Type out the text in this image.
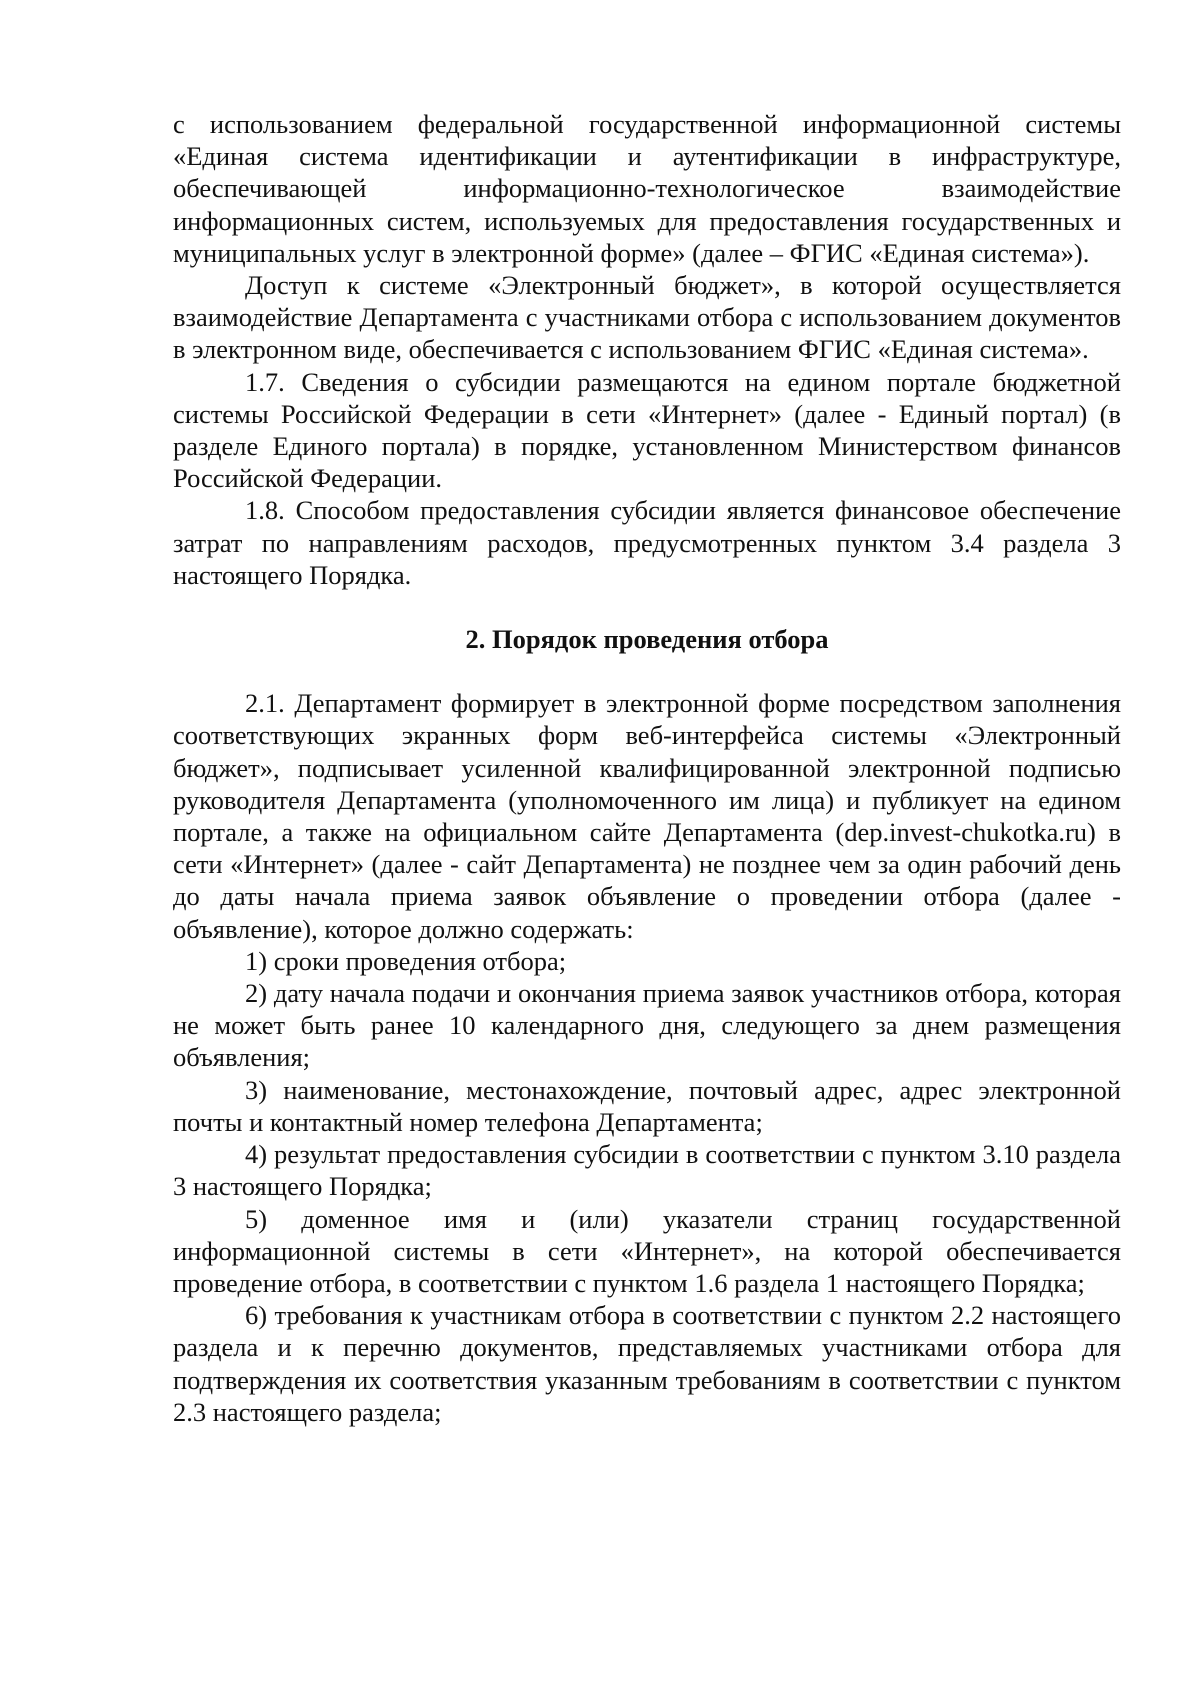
с использованием федеральной государственной информационной системы «Единая система идентификации и аутентификации в инфраструктуре, обеспечивающей информационно-технологическое взаимодействие информационных систем, используемых для предоставления государственных и муниципальных услуг в электронной форме» (далее – ФГИС «Единая система»).

Доступ к системе «Электронный бюджет», в которой осуществляется взаимодействие Департамента с участниками отбора с использованием документов в электронном виде, обеспечивается с использованием ФГИС «Единая система».

1.7. Сведения о субсидии размещаются на едином портале бюджетной системы Российской Федерации в сети «Интернет» (далее - Единый портал) (в разделе Единого портала) в порядке, установленном Министерством финансов Российской Федерации.

1.8. Способом предоставления субсидии является финансовое обеспечение затрат по направлениям расходов, предусмотренных пунктом 3.4 раздела 3 настоящего Порядка.

2. Порядок проведения отбора

2.1. Департамент формирует в электронной форме посредством заполнения соответствующих экранных форм веб-интерфейса системы «Электронный бюджет», подписывает усиленной квалифицированной электронной подписью руководителя Департамента (уполномоченного им лица) и публикует на едином портале, а также на официальном сайте Департамента (dep.invest-chukotka.ru) в сети «Интернет» (далее - сайт Департамента) не позднее чем за один рабочий день до даты начала приема заявок объявление о проведении отбора (далее - объявление), которое должно содержать:

1) сроки проведения отбора;

2) дату начала подачи и окончания приема заявок участников отбора, которая не может быть ранее 10 календарного дня, следующего за днем размещения объявления;

3) наименование, местонахождение, почтовый адрес, адрес электронной почты и контактный номер телефона Департамента;

4) результат предоставления субсидии в соответствии с пунктом 3.10 раздела 3 настоящего Порядка;

5) доменное имя и (или) указатели страниц государственной информационной системы в сети «Интернет», на которой обеспечивается проведение отбора, в соответствии с пунктом 1.6 раздела 1 настоящего Порядка;

6) требования к участникам отбора в соответствии с пунктом 2.2 настоящего раздела и к перечню документов, представляемых участниками отбора для подтверждения их соответствия указанным требованиям в соответствии с пунктом 2.3 настоящего раздела;
